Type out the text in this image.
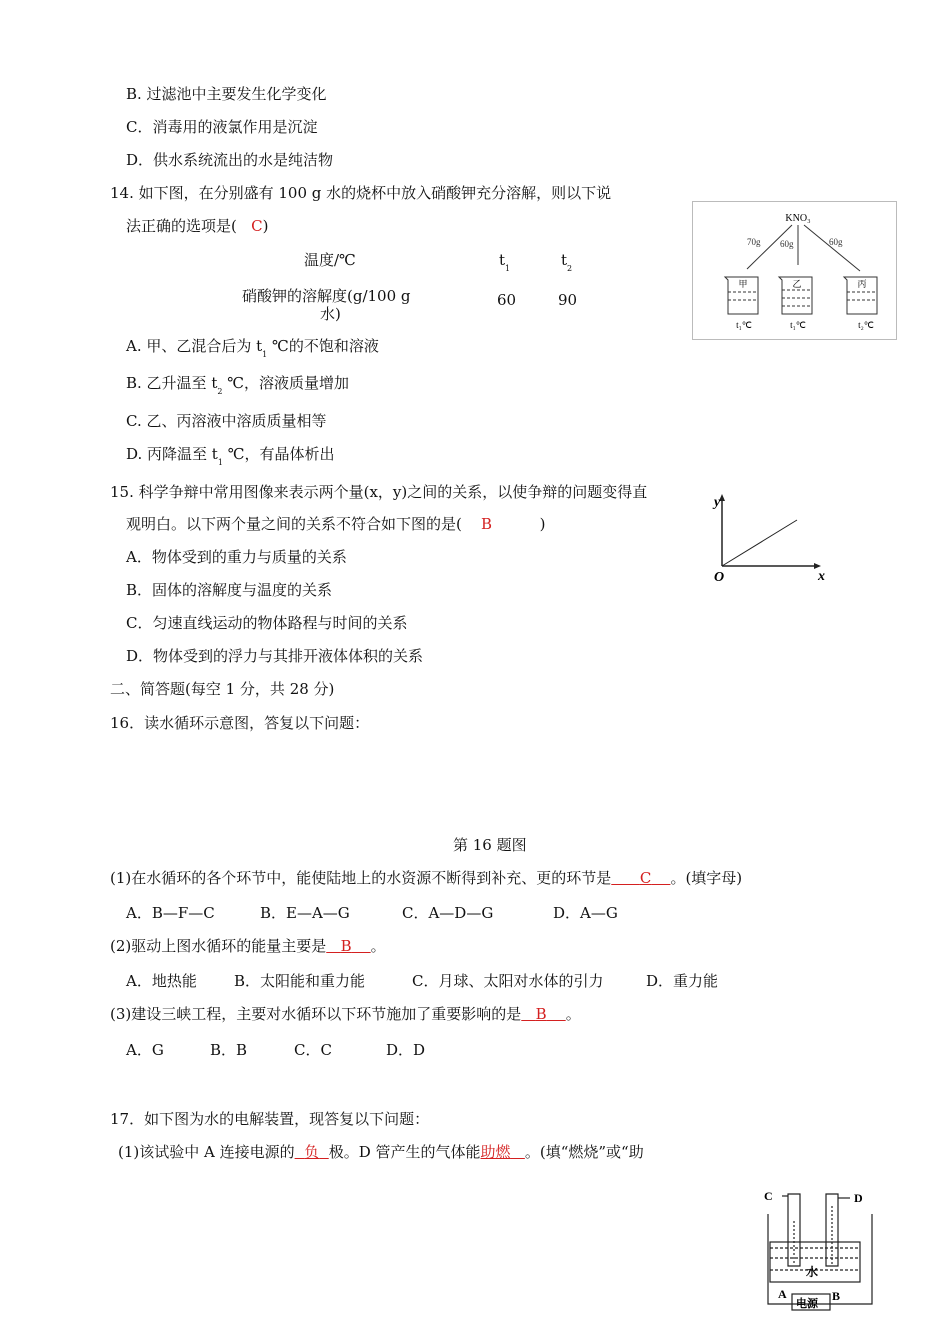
B. 过滤池中主要发生化学变化
C．消毒用的液氯作用是沉淀
D．供水系统流出的水是纯洁物
14. 如下图，在分别盛有 100 g 水的烧杯中放入硝酸钾充分溶解，则以下说
法正确的选项是( C)
温度/℃	$t_1$	$t_2$
硝酸钾的溶解度(g/100 g
水)
60	90
A. 甲、乙混合后为 $t_1$ ℃的不饱和溶液
B. 乙升温至 $t_2$ ℃，溶液质量增加
C. 乙、丙溶液中溶质质量相等
D. 丙降温至 $t_1$ ℃，有晶体析出
KNO₃
70g 60g	60g
甲	乙	丙
t₁℃	t₁℃	t₂℃
15. 科学争辩中常用图像来表示两个量(x，y)之间的关系，以使争辩的问题变得直
观明白。以下两个量之间的关系不符合如下图的是( B	)
A．物体受到的重力与质量的关系
B．固体的溶解度与温度的关系
C．匀速直线运动的物体路程与时间的关系
D．物体受到的浮力与其排开液体体积的关系
y
x
O
二、简答题(每空 1 分，共 28 分)
16．读水循环示意图，答复以下问题：
第 16 题图
(1)在水循环的各个环节中，能使陆地上的水资源不断得到补充、更的环节是 C 。(填字母)
A．B—F—C	B．E—A—G	C．A—D—G	D．A—G
(2)驱动上图水循环的能量主要是 B 。
A．地热能 B．太阳能和重力能	C．月球、太阳对水体的引力	D．重力能
(3)建设三峡工程，主要对水循环以下环节施加了重要影响的是 B 。
A．G	B．B	C．C	D．D
17．如下图为水的电解装置，现答复以下问题：
(1)该试验中 A 连接电源的 负 极。D 管产生的气体能助燃 。(填“燃烧”或“助
C	D
A	B
水
电源
